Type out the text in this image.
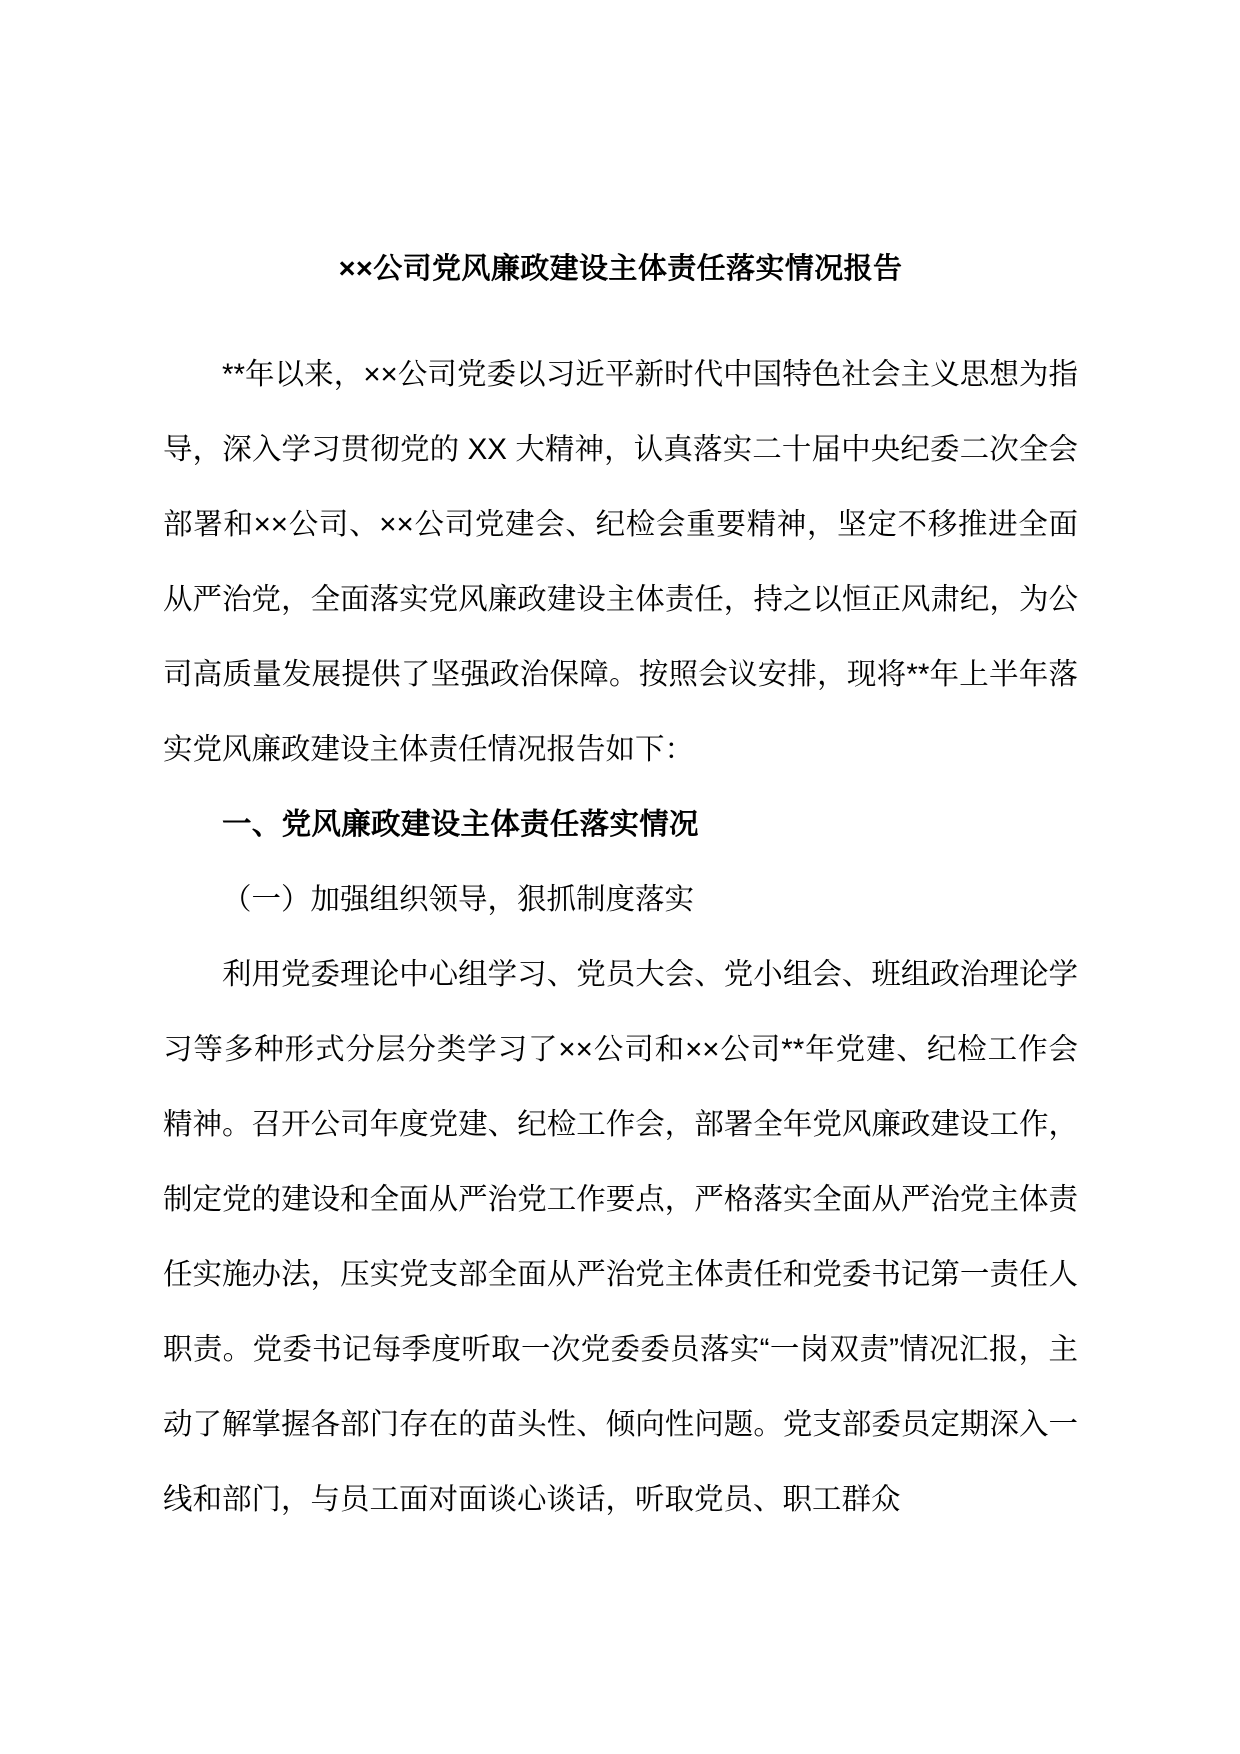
××公司党风廉政建设主体责任落实情况报告

**年以来，××公司党委以习近平新时代中国特色社会主义思想为指导，深入学习贯彻党的 XX 大精神，认真落实二十届中央纪委二次全会部署和××公司、××公司党建会、纪检会重要精神，坚定不移推进全面从严治党，全面落实党风廉政建设主体责任，持之以恒正风肃纪，为公司高质量发展提供了坚强政治保障。按照会议安排，现将**年上半年落实党风廉政建设主体责任情况报告如下：

一、党风廉政建设主体责任落实情况
（一）加强组织领导，狠抓制度落实

利用党委理论中心组学习、党员大会、党小组会、班组政治理论学习等多种形式分层分类学习了××公司和××公司**年党建、纪检工作会精神。召开公司年度党建、纪检工作会，部署全年党风廉政建设工作，制定党的建设和全面从严治党工作要点，严格落实全面从严治党主体责任实施办法，压实党支部全面从严治党主体责任和党委书记第一责任人职责。党委书记每季度听取一次党委委员落实“一岗双责”情况汇报，主动了解掌握各部门存在的苗头性、倾向性问题。党支部委员定期深入一线和部门，与员工面对面谈心谈话，听取党员、职工群众
